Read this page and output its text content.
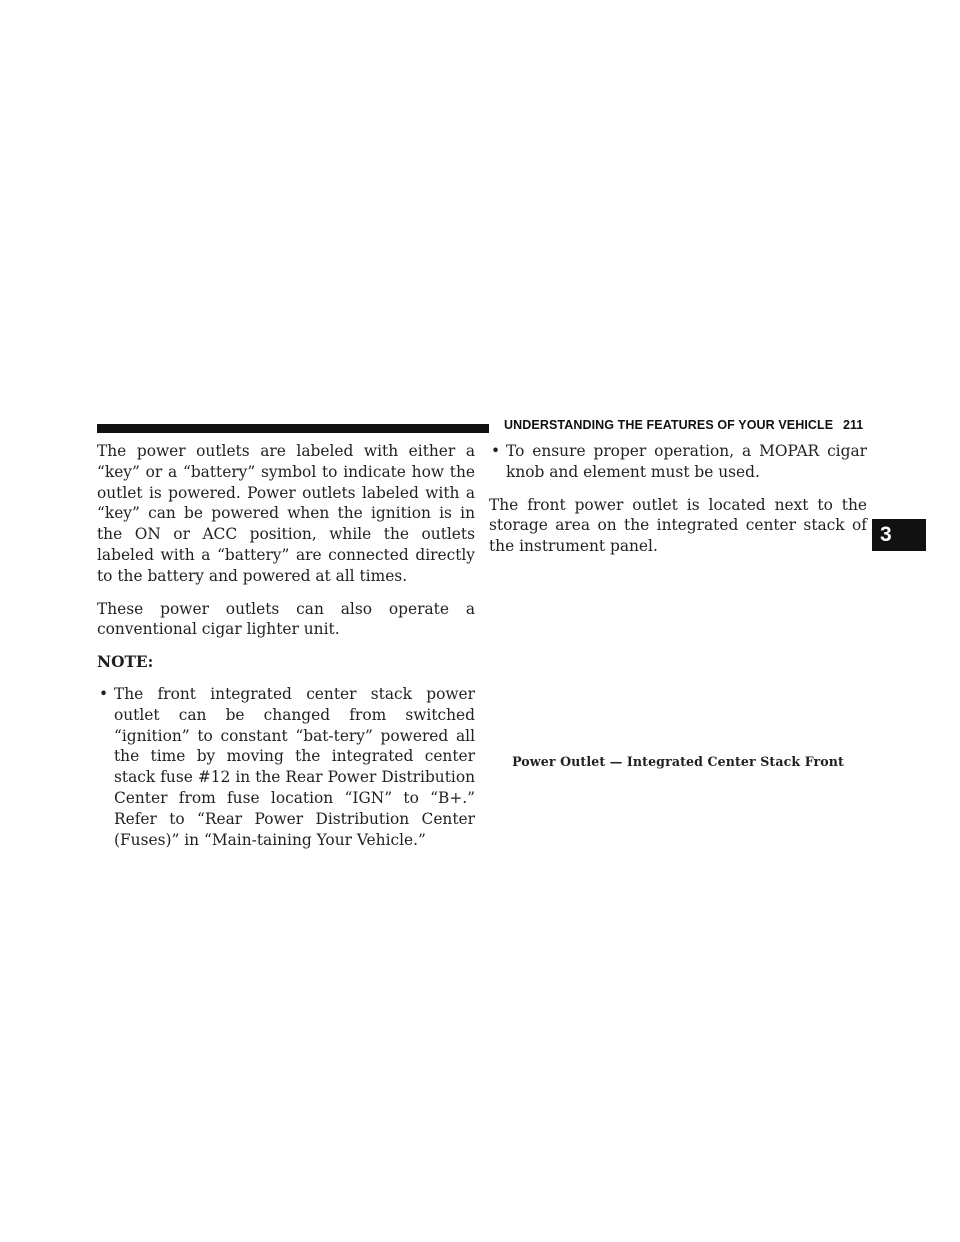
UNDERSTANDING THE FEATURES OF YOUR VEHICLE 211
3

The power outlets are labeled with either a “key” or a “battery” symbol to indicate how the outlet is powered. Power outlets labeled with a “key” can be powered when the ignition is in the ON or ACC position, while the outlets labeled with a “battery” are connected directly to the battery and powered at all times.

These power outlets can also operate a conventional cigar lighter unit.

NOTE:

• The front integrated center stack power outlet can be changed from switched “ignition” to constant “bat-tery” powered all the time by moving the integrated center stack fuse #12 in the Rear Power Distribution Center from fuse location “IGN” to “B+.” Refer to “Rear Power Distribution Center (Fuses)” in “Main-taining Your Vehicle.”
• To ensure proper operation, a MOPAR cigar knob and element must be used.

The front power outlet is located next to the storage area on the integrated center stack of the instrument panel.

Power Outlet — Integrated Center Stack Front
